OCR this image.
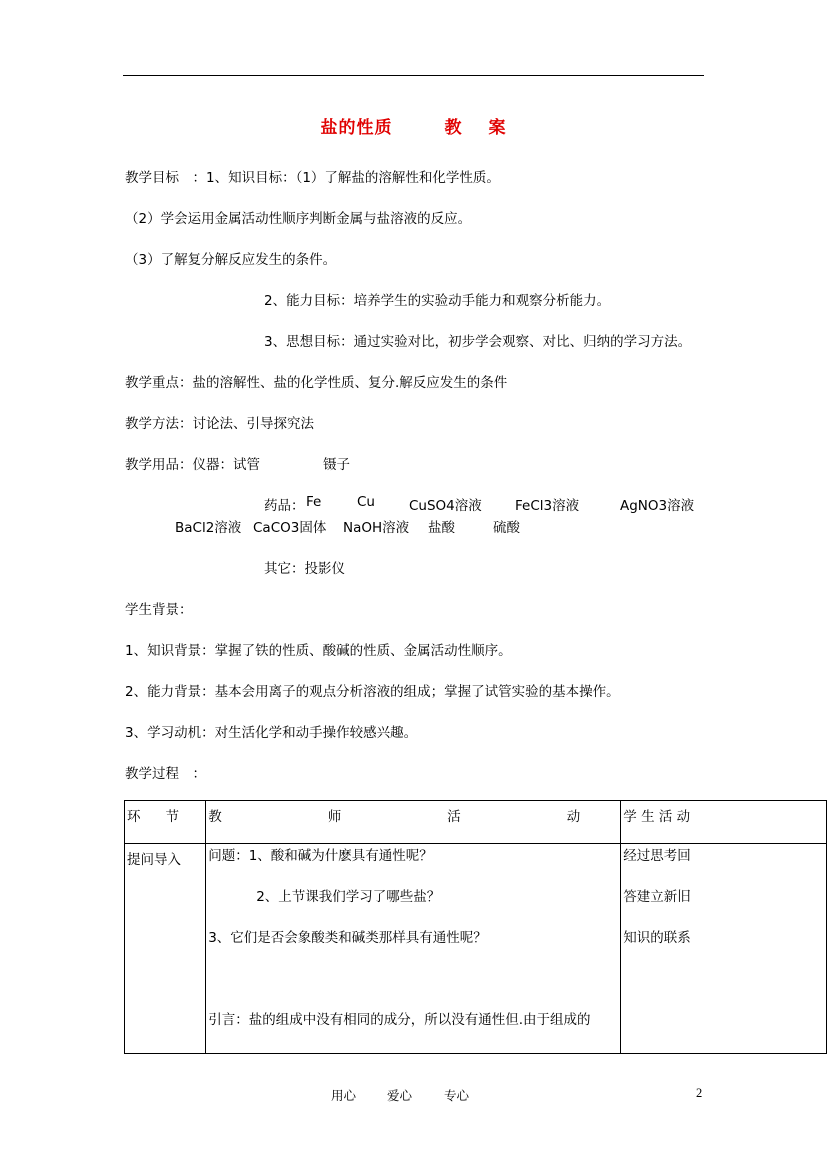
盐的性质	教 案
教学目标　：1、知识目标：（1）了解盐的溶解性和化学性质。
（2）学会运用金属活动性顺序判断金属与盐溶液的反应。
（3）了解复分解反应发生的条件。
2、能力目标：培养学生的实验动手能力和观察分析能力。
3、思想目标：通过实验对比，初步学会观察、对比、归纳的学习方法。
教学重点：盐的溶解性、盐的化学性质、复分.解反应发生的条件
教学方法：讨论法、引导探究法
教学用品：仪器：试管	镊子
药品： Fe	Cu	CuSO4溶液 FeCl3溶液	AgNO3溶液
BaCl2溶液 CaCO3固体 NaOH溶液 盐酸	硫酸
其它：投影仪
学生背景：
1、知识背景：掌握了铁的性质、酸碱的性质、金属活动性顺序。
2、能力背景：基本会用离子的观点分析溶液的组成；掌握了试管实验的基本操作。
3、学习动机：对生活化学和动手操作较感兴趣。
教学过程　：
环 节	教 师 活 动	学 生 活 动
提问导入	问题：1、酸和碱为什麽具有通性呢？
2、上节课我们学习了哪些盐？
3、它们是否会象酸类和碱类那样具有通性呢？
引言：盐的组成中没有相同的成分，所以没有通性但.由于组成的	经过思考回
答建立新旧
知识的联系
用心 爱心	专心	2
